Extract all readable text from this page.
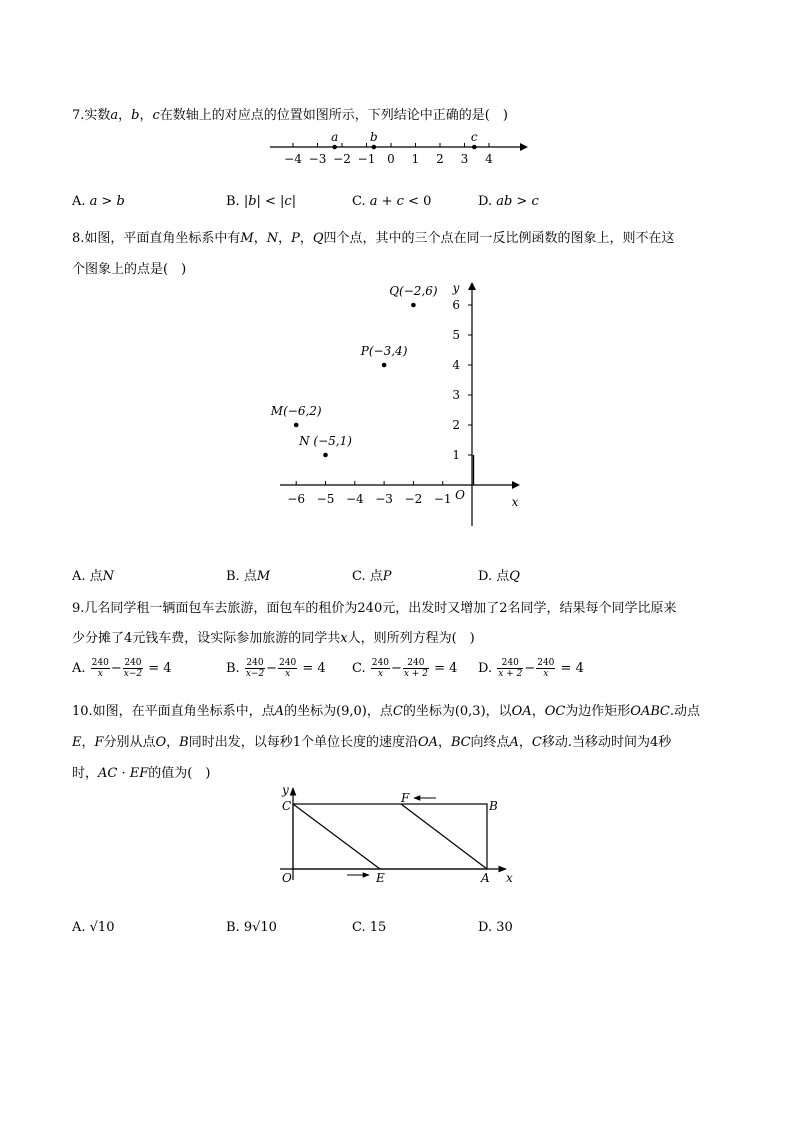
7.实数𝑎，𝑏，𝑐在数轴上的对应点的位置如图所示，下列结论中正确的是(　)
−4 −3 −2 −1 0 1 2 3 4
a	b	c
A. 𝑎 > 𝑏	B. |𝑏| < |𝑐|	C. 𝑎 + 𝑐 < 0	D. 𝑎𝑏 > 𝑐
8.如图，平面直角坐标系中有𝑀，𝑁，𝑃，𝑄四个点，其中的三个点在同一反比例函数的图象上，则不在这
个图象上的点是(　)
−6 −5 −4 −3 −2 −1
1
2
3
4
5
6
O	x
y
Q(−2,6)
P(−3,4)
M(−6,2)
N (−5,1)
A. 点𝑁	B. 点𝑀	C. 点𝑃	D. 点𝑄
9.几名同学租一辆面包车去旅游，面包车的租价为240元，出发时又增加了2名同学，结果每个同学比原来
少分摊了4元钱车费，设实际参加旅游的同学共𝑥人，则所列方程为(　)
A. $\frac{240}{x} - \frac{240}{x-2} = 4$	B. $\frac{240}{x-2} - \frac{240}{x} = 4$ C. $\frac{240}{x} - \frac{240}{x + 2} = 4$ D. $\frac{240}{x + 2} - \frac{240}{x} = 4$
10.如图，在平面直角坐标系中，点𝐴的坐标为(9,0)，点𝐶的坐标为(0,3)，以𝑂𝐴，𝑂𝐶为边作矩形𝑂𝐴𝐵𝐶.动点
𝐸，𝐹分别从点𝑂，𝐵同时出发，以每秒1个单位长度的速度沿𝑂𝐴，𝐵𝐶向终点𝐴，𝐶移动.当移动时间为4秒
时，𝐴𝐶 · 𝐸𝐹的值为(　)
y
C
F
B
O	E	A x
A. √10	B. 9√10	C. 15	D. 30
